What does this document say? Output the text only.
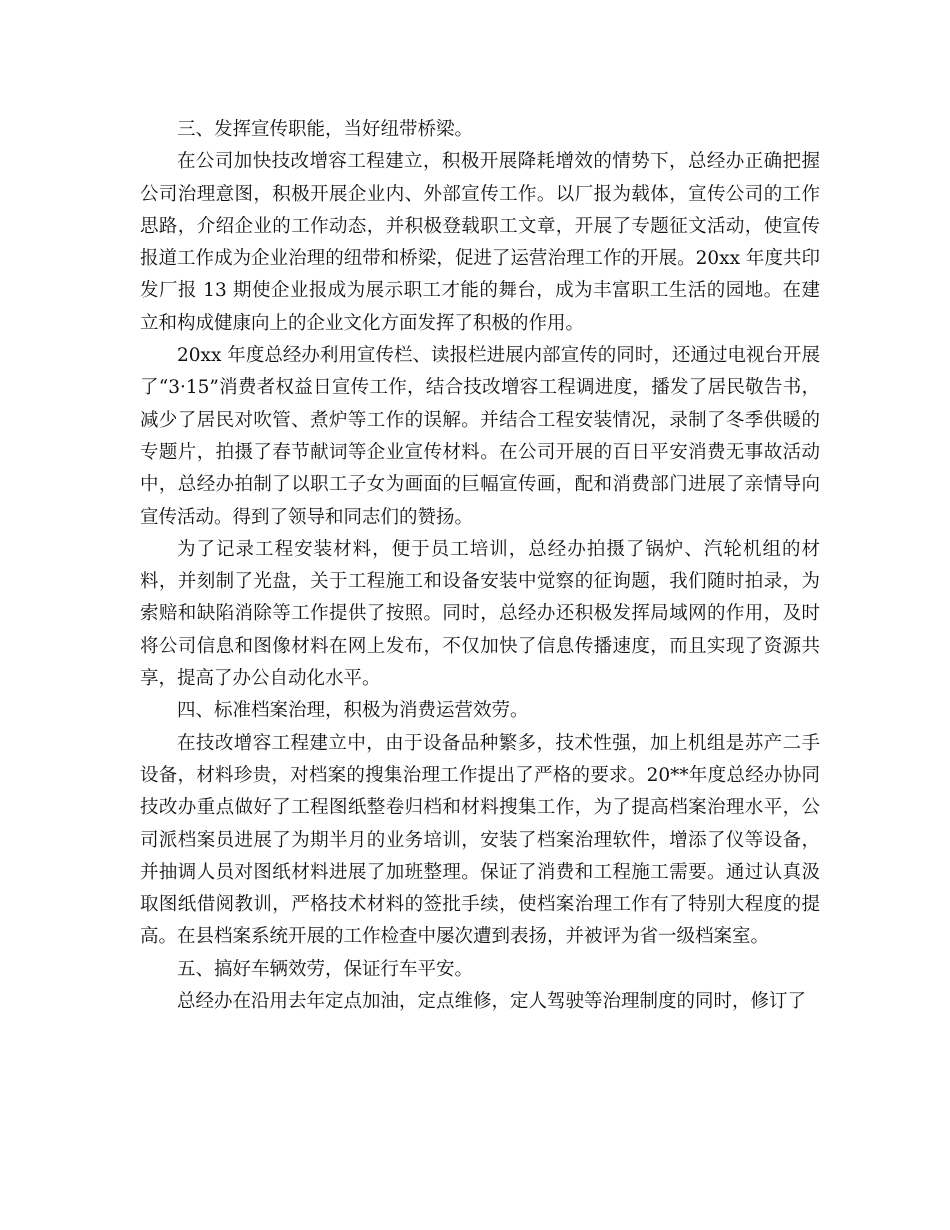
三、发挥宣传职能，当好纽带桥梁。

在公司加快技改增容工程建立，积极开展降耗增效的情势下，总经办正确把握公司治理意图，积极开展企业内、外部宣传工作。以厂报为载体，宣传公司的工作思路，介绍企业的工作动态，并积极登载职工文章，开展了专题征文活动，使宣传报道工作成为企业治理的纽带和桥梁，促进了运营治理工作的开展。20xx 年度共印发厂报 13 期使企业报成为展示职工才能的舞台，成为丰富职工生活的园地。在建立和构成健康向上的企业文化方面发挥了积极的作用。

20xx 年度总经办利用宣传栏、读报栏进展内部宣传的同时，还通过电视台开展了“3·15”消费者权益日宣传工作，结合技改增容工程调进度，播发了居民敬告书，减少了居民对吹管、煮炉等工作的误解。并结合工程安装情况，录制了冬季供暖的专题片，拍摄了春节献词等企业宣传材料。在公司开展的百日平安消费无事故活动中，总经办拍制了以职工子女为画面的巨幅宣传画，配和消费部门进展了亲情导向宣传活动。得到了领导和同志们的赞扬。

为了记录工程安装材料，便于员工培训，总经办拍摄了锅炉、汽轮机组的材料，并刻制了光盘，关于工程施工和设备安装中觉察的征询题，我们随时拍录，为索赔和缺陷消除等工作提供了按照。同时，总经办还积极发挥局域网的作用，及时将公司信息和图像材料在网上发布，不仅加快了信息传播速度，而且实现了资源共享，提高了办公自动化水平。

四、标准档案治理，积极为消费运营效劳。

在技改增容工程建立中，由于设备品种繁多，技术性强，加上机组是苏产二手设备，材料珍贵，对档案的搜集治理工作提出了严格的要求。20**年度总经办协同技改办重点做好了工程图纸整卷归档和材料搜集工作，为了提高档案治理水平，公司派档案员进展了为期半月的业务培训，安装了档案治理软件，增添了仪等设备，并抽调人员对图纸材料进展了加班整理。保证了消费和工程施工需要。通过认真汲取图纸借阅教训，严格技术材料的签批手续，使档案治理工作有了特别大程度的提高。在县档案系统开展的工作检查中屡次遭到表扬，并被评为省一级档案室。

五、搞好车辆效劳，保证行车平安。

总经办在沿用去年定点加油，定点维修，定人驾驶等治理制度的同时，修订了
